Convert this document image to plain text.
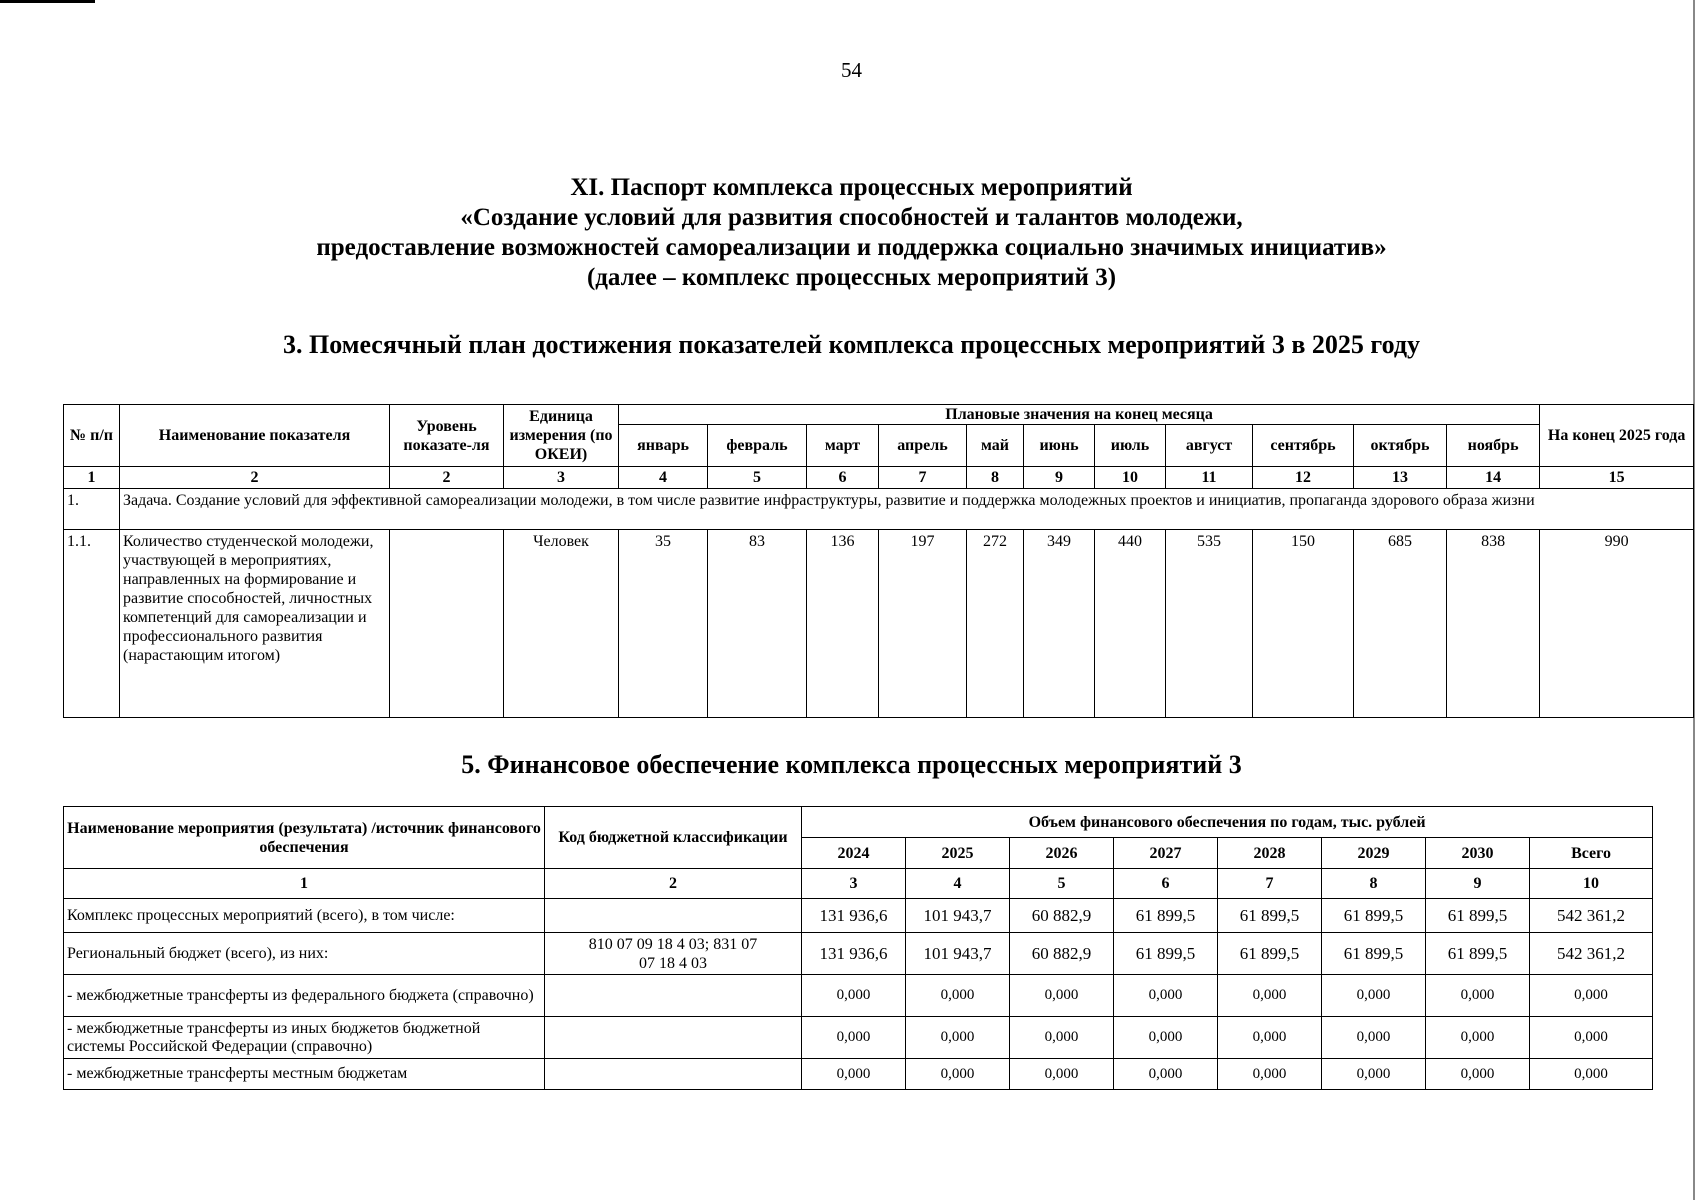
54
XI. Паспорт комплекса процессных мероприятий
«Создание условий для развития способностей и талантов молодежи,
предоставление возможностей самореализации и поддержка социально значимых инициатив»
(далее – комплекс процессных мероприятий 3)
3. Помесячный план достижения показателей комплекса процессных мероприятий 3 в 2025 году
№ п/п	Наименование показателя	Уровень показате-ля	Единица измерения (по ОКЕИ)	Плановые значения на конец месяца											На конец 2025 года
				январь	февраль	март	апрель	май	июнь	июль	август	сентябрь	октябрь	ноябрь	
1	2	2	3	4	5	6	7	8	9	10	11	12	13	14	15
1.	Задача. Создание условий для эффективной самореализации молодежи, в том числе развитие инфраструктуры, развитие и поддержка молодежных проектов и инициатив, пропаганда здорового образа жизни														
1.1.	Количество студенческой молодежи, участвующей в мероприятиях, направленных на формирование и развитие способностей, личностных компетенций для самореализации и профессионального развития (нарастающим итогом)		Человек	35	83	136	197	272	349	440	535	150	685	838	990
5. Финансовое обеспечение комплекса процессных мероприятий 3
Наименование мероприятия (результата) /источник финансового обеспечения	Код бюджетной классификации	Объем финансового обеспечения по годам, тыс. рублей							
		2024	2025	2026	2027	2028	2029	2030	Всего
1	2	3	4	5	6	7	8	9	10
Комплекс процессных мероприятий (всего), в том числе:		131 936,6	101 943,7	60 882,9	61 899,5	61 899,5	61 899,5	61 899,5	542 361,2
Региональный бюджет (всего), из них:	810 07 09 18 4 03; 831 07 07 18 4 03	131 936,6	101 943,7	60 882,9	61 899,5	61 899,5	61 899,5	61 899,5	542 361,2
- межбюджетные трансферты из федерального бюджета (справочно)		0,000	0,000	0,000	0,000	0,000	0,000	0,000	0,000
- межбюджетные трансферты из иных бюджетов бюджетной системы Российской Федерации (справочно)		0,000	0,000	0,000	0,000	0,000	0,000	0,000	0,000
- межбюджетные трансферты местным бюджетам		0,000	0,000	0,000	0,000	0,000	0,000	0,000	0,000
